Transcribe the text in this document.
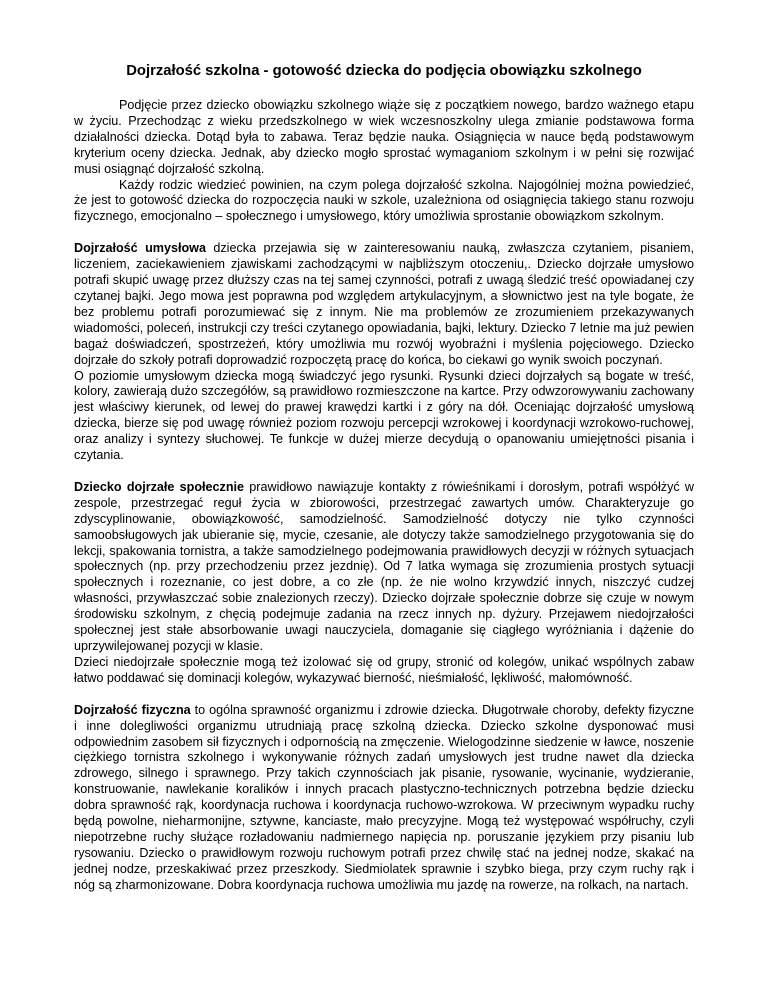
Dojrzałość szkolna - gotowość dziecka do podjęcia obowiązku szkolnego

Podjęcie przez dziecko obowiązku szkolnego wiąże się z początkiem nowego, bardzo ważnego etapu w życiu. Przechodząc z wieku przedszkolnego w wiek wczesnoszkolny ulega zmianie podstawowa forma działalności dziecka. Dotąd była to zabawa. Teraz będzie nauka. Osiągnięcia w nauce będą podstawowym kryterium oceny dziecka. Jednak, aby dziecko mogło sprostać wymaganiom szkolnym i w pełni się rozwijać musi osiągnąć dojrzałość szkolną.

Każdy rodzic wiedzieć powinien, na czym polega dojrzałość szkolna. Najogólniej można powiedzieć, że jest to gotowość dziecka do rozpoczęcia nauki w szkole, uzależniona od osiągnięcia takiego stanu rozwoju fizycznego, emocjonalno – społecznego i umysłowego, który umożliwia sprostanie obowiązkom szkolnym.

Dojrzałość umysłowa dziecka przejawia się w zainteresowaniu nauką, zwłaszcza czytaniem, pisaniem, liczeniem, zaciekawieniem zjawiskami zachodzącymi w najbliższym otoczeniu,. Dziecko dojrzałe umysłowo potrafi skupić uwagę przez dłuższy czas na tej samej czynności, potrafi z uwagą śledzić treść opowiadanej czy czytanej bajki. Jego mowa jest poprawna pod względem artykulacyjnym, a słownictwo jest na tyle bogate, że bez problemu potrafi porozumiewać się z innym. Nie ma problemów ze zrozumieniem przekazywanych wiadomości, poleceń, instrukcji czy treści czytanego opowiadania, bajki, lektury. Dziecko 7 letnie ma już pewien bagaż doświadczeń, spostrzeżeń, który umożliwia mu rozwój wyobraźni i myślenia pojęciowego. Dziecko dojrzałe do szkoły potrafi doprowadzić rozpoczętą pracę do końca, bo ciekawi go wynik swoich poczynań.

O poziomie umysłowym dziecka mogą świadczyć jego rysunki. Rysunki dzieci dojrzałych są bogate w treść, kolory, zawierają dużo szczegółów, są prawidłowo rozmieszczone na kartce. Przy odwzorowywaniu zachowany jest właściwy kierunek, od lewej do prawej krawędzi kartki i z góry na dół. Oceniając dojrzałość umysłową dziecka, bierze się pod uwagę również poziom rozwoju percepcji wzrokowej i koordynacji wzrokowo-ruchowej, oraz analizy i syntezy słuchowej. Te funkcje w dużej mierze decydują o opanowaniu umiejętności pisania i czytania.

Dziecko dojrzałe społecznie prawidłowo nawiązuje kontakty z rówieśnikami i dorosłym, potrafi współżyć w zespole, przestrzegać reguł życia w zbiorowości, przestrzegać zawartych umów. Charakteryzuje go zdyscyplinowanie, obowiązkowość, samodzielność. Samodzielność dotyczy nie tylko czynności samoobsługowych jak ubieranie się, mycie, czesanie, ale dotyczy także samodzielnego przygotowania się do lekcji, spakowania tornistra, a także samodzielnego podejmowania prawidłowych decyzji w różnych sytuacjach społecznych (np. przy przechodzeniu przez jezdnię). Od 7 latka wymaga się zrozumienia prostych sytuacji społecznych i rozeznanie, co jest dobre, a co złe (np. że nie wolno krzywdzić innych, niszczyć cudzej własności, przywłaszczać sobie znalezionych rzeczy). Dziecko dojrzałe społecznie dobrze się czuje w nowym środowisku szkolnym, z chęcią podejmuje zadania na rzecz innych np. dyżury. Przejawem niedojrzałości społecznej jest stałe absorbowanie uwagi nauczyciela, domaganie się ciągłego wyróżniania i dążenie do uprzywilejowanej pozycji w klasie.

Dzieci niedojrzałe społecznie mogą też izolować się od grupy, stronić od kolegów, unikać wspólnych zabaw łatwo poddawać się dominacji kolegów, wykazywać bierność, nieśmiałość, lękliwość, małomówność.

Dojrzałość fizyczna to ogólna sprawność organizmu i zdrowie dziecka. Długotrwałe choroby, defekty fizyczne i inne dolegliwości organizmu utrudniają pracę szkolną dziecka. Dziecko szkolne dysponować musi odpowiednim zasobem sił fizycznych i odpornością na zmęczenie. Wielogodzinne siedzenie w ławce, noszenie ciężkiego tornistra szkolnego i wykonywanie różnych zadań umysłowych jest trudne nawet dla dziecka zdrowego, silnego i sprawnego. Przy takich czynnościach jak pisanie, rysowanie, wycinanie, wydzieranie, konstruowanie, nawlekanie koralików i innych pracach plastyczno-technicznych potrzebna będzie dziecku dobra sprawność rąk, koordynacja ruchowa i koordynacja ruchowo-wzrokowa. W przeciwnym wypadku ruchy będą powolne, nieharmonijne, sztywne, kanciaste, mało precyzyjne. Mogą też występować współruchy, czyli niepotrzebne ruchy służące rozładowaniu nadmiernego napięcia np. poruszanie językiem przy pisaniu lub rysowaniu. Dziecko o prawidłowym rozwoju ruchowym potrafi przez chwilę stać na jednej nodze, skakać na jednej nodze, przeskakiwać przez przeszkody. Siedmiolatek sprawnie i szybko biega, przy czym ruchy rąk i nóg są zharmonizowane. Dobra koordynacja ruchowa umożliwia mu jazdę na rowerze, na rolkach, na nartach.
